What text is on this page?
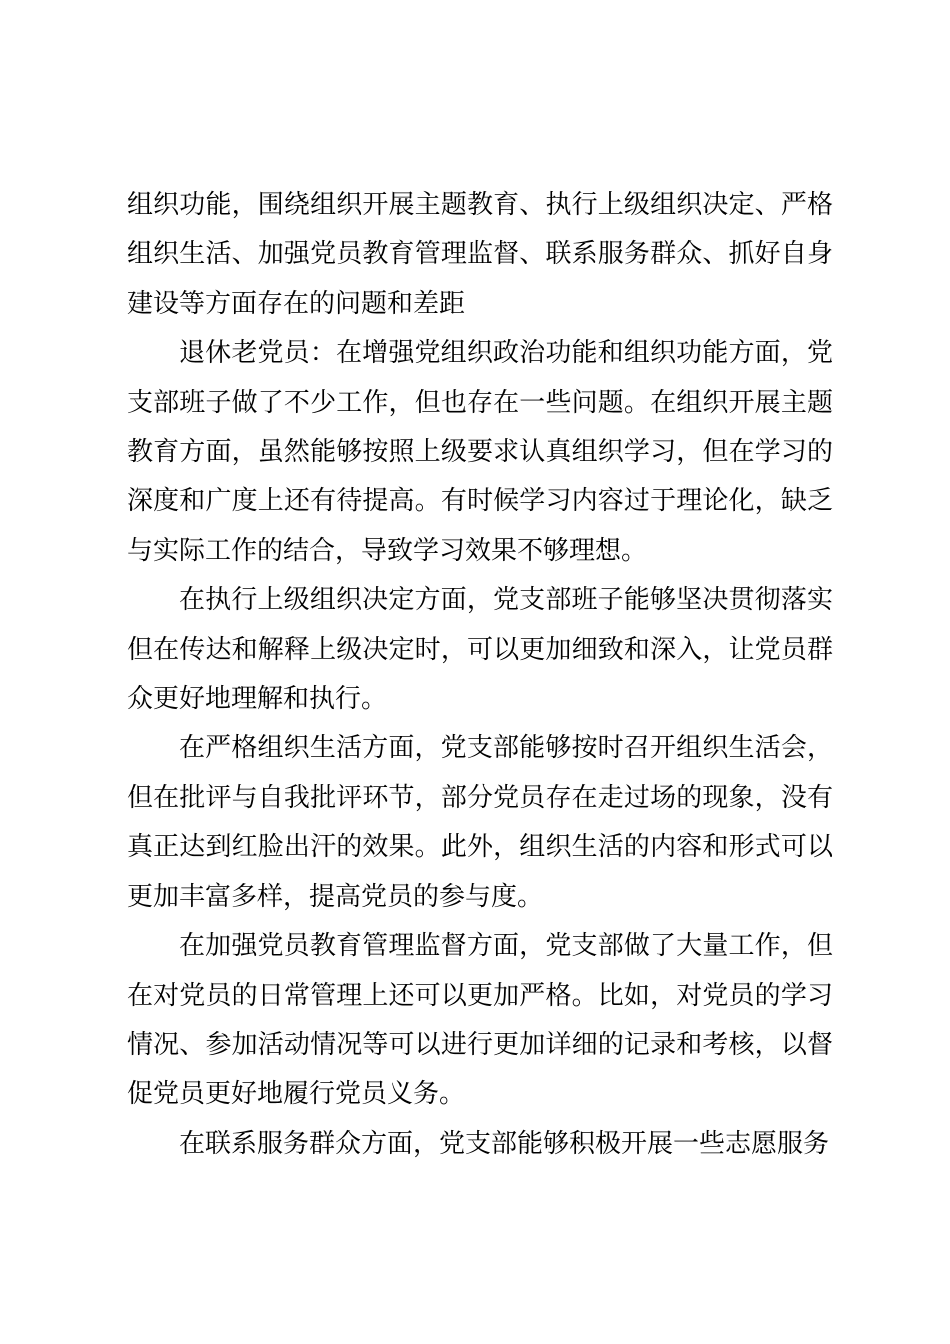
组织功能，围绕组织开展主题教育、执行上级组织决定、严格组织生活、加强党员教育管理监督、联系服务群众、抓好自身建设等方面存在的问题和差距

退休老党员：在增强党组织政治功能和组织功能方面，党支部班子做了不少工作，但也存在一些问题。在组织开展主题教育方面，虽然能够按照上级要求认真组织学习，但在学习的深度和广度上还有待提高。有时候学习内容过于理论化，缺乏与实际工作的结合，导致学习效果不够理想。

在执行上级组织决定方面，党支部班子能够坚决贯彻落实但在传达和解释上级决定时，可以更加细致和深入，让党员群众更好地理解和执行。

在严格组织生活方面，党支部能够按时召开组织生活会，但在批评与自我批评环节，部分党员存在走过场的现象，没有真正达到红脸出汗的效果。此外，组织生活的内容和形式可以更加丰富多样，提高党员的参与度。

在加强党员教育管理监督方面，党支部做了大量工作，但在对党员的日常管理上还可以更加严格。比如，对党员的学习情况、参加活动情况等可以进行更加详细的记录和考核，以督促党员更好地履行党员义务。

在联系服务群众方面，党支部能够积极开展一些志愿服务
